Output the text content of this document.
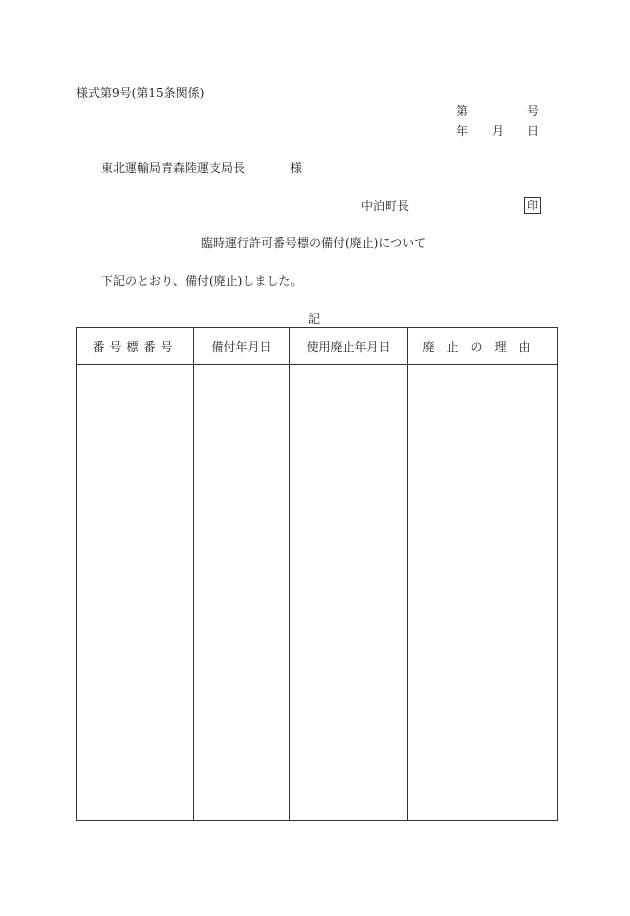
様式第9号(第15条関係)
第	号
年 月 日
東北運輸局青森陸運支局長	様
中泊町長	印
臨時運行許可番号標の備付(廃止)について
下記のとおり、備付(廃止)しました。
記
番号標番号	備付年月日	使用廃止年月日	廃止の理由
